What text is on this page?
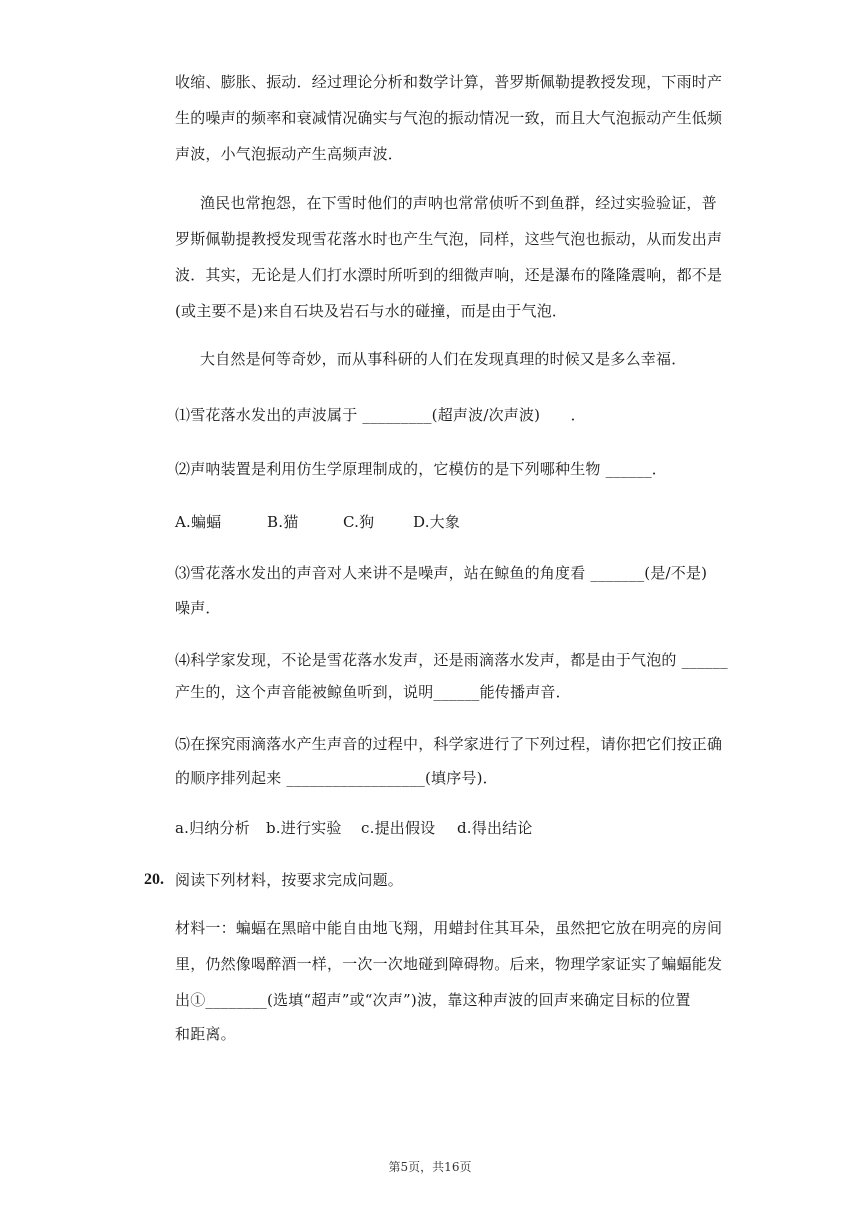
收缩、膨胀、振动．经过理论分析和数学计算，普罗斯佩勒提教授发现，下雨时产
生的噪声的频率和衰减情况确实与气泡的振动情况一致，而且大气泡振动产生低频
声波，小气泡振动产生高频声波．
渔民也常抱怨，在下雪时他们的声呐也常常侦听不到鱼群，经过实验验证，普
罗斯佩勒提教授发现雪花落水时也产生气泡，同样，这些气泡也振动，从而发出声
波．其实，无论是人们打水漂时所听到的细微声响，还是瀑布的隆隆震响，都不是
(或主要不是)来自石块及岩石与水的碰撞，而是由于气泡．
大自然是何等奇妙，而从事科研的人们在发现真理的时候又是多么幸福．
⑴雪花落水发出的声波属于 _________(超声波/次声波)　　．
⑵声呐装置是利用仿生学原理制成的，它模仿的是下列哪种生物 ______．
A.蝙蝠	B.猫	C.狗	D.大象
⑶雪花落水发出的声音对人来讲不是噪声，站在鲸鱼的角度看 _______(是/不是)
噪声．
⑷科学家发现，不论是雪花落水发声，还是雨滴落水发声，都是由于气泡的 ______
产生的，这个声音能被鲸鱼听到，说明______能传播声音．
⑸在探究雨滴落水产生声音的过程中，科学家进行了下列过程，请你把它们按正确
的顺序排列起来 __________________(填序号)．
a.归纳分析 b.进行实验 c.提出假设 d.得出结论
20. 阅读下列材料，按要求完成问题。
材料一：蝙蝠在黑暗中能自由地飞翔，用蜡封住其耳朵，虽然把它放在明亮的房间
里，仍然像喝醉酒一样，一次一次地碰到障碍物。后来，物理学家证实了蝙蝠能发
出①________(选填“超声”或“次声”)波，靠这种声波的回声来确定目标的位置
和距离。
第5页，共16页
